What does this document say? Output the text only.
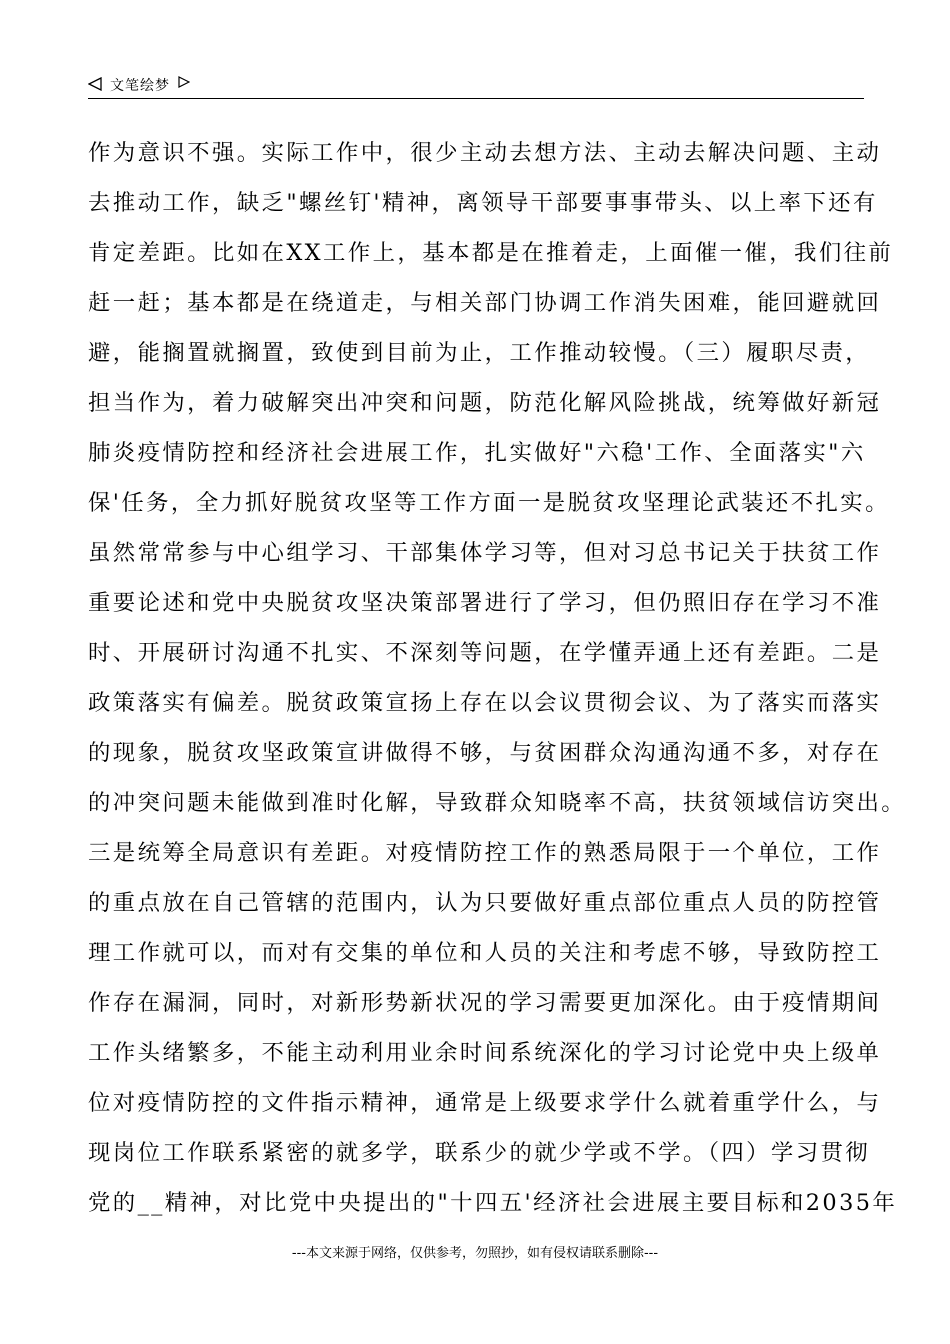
文笔绘梦
作为意识不强。实际工作中，很少主动去想方法、主动去解决问题、主动
去推动工作，缺乏"螺丝钉'精神，离领导干部要事事带头、以上率下还有
肯定差距。比如在XX工作上，基本都是在推着走，上面催一催，我们往前
赶一赶；基本都是在绕道走，与相关部门协调工作消失困难，能回避就回
避，能搁置就搁置，致使到目前为止，工作推动较慢。（三）履职尽责，
担当作为，着力破解突出冲突和问题，防范化解风险挑战，统筹做好新冠
肺炎疫情防控和经济社会进展工作，扎实做好"六稳'工作、全面落实"六
保'任务，全力抓好脱贫攻坚等工作方面一是脱贫攻坚理论武装还不扎实。
虽然常常参与中心组学习、干部集体学习等，但对习总书记关于扶贫工作
重要论述和党中央脱贫攻坚决策部署进行了学习，但仍照旧存在学习不准
时、开展研讨沟通不扎实、不深刻等问题，在学懂弄通上还有差距。二是
政策落实有偏差。脱贫政策宣扬上存在以会议贯彻会议、为了落实而落实
的现象，脱贫攻坚政策宣讲做得不够，与贫困群众沟通沟通不多，对存在
的冲突问题未能做到准时化解，导致群众知晓率不高，扶贫领域信访突出。
三是统筹全局意识有差距。对疫情防控工作的熟悉局限于一个单位，工作
的重点放在自己管辖的范围内，认为只要做好重点部位重点人员的防控管
理工作就可以，而对有交集的单位和人员的关注和考虑不够，导致防控工
作存在漏洞，同时，对新形势新状况的学习需要更加深化。由于疫情期间
工作头绪繁多，不能主动利用业余时间系统深化的学习讨论党中央上级单
位对疫情防控的文件指示精神，通常是上级要求学什么就着重学什么，与
现岗位工作联系紧密的就多学，联系少的就少学或不学。（四）学习贯彻
党的__精神，对比党中央提出的"十四五'经济社会进展主要目标和2035年
---本文来源于网络，仅供参考，勿照抄，如有侵权请联系删除---
